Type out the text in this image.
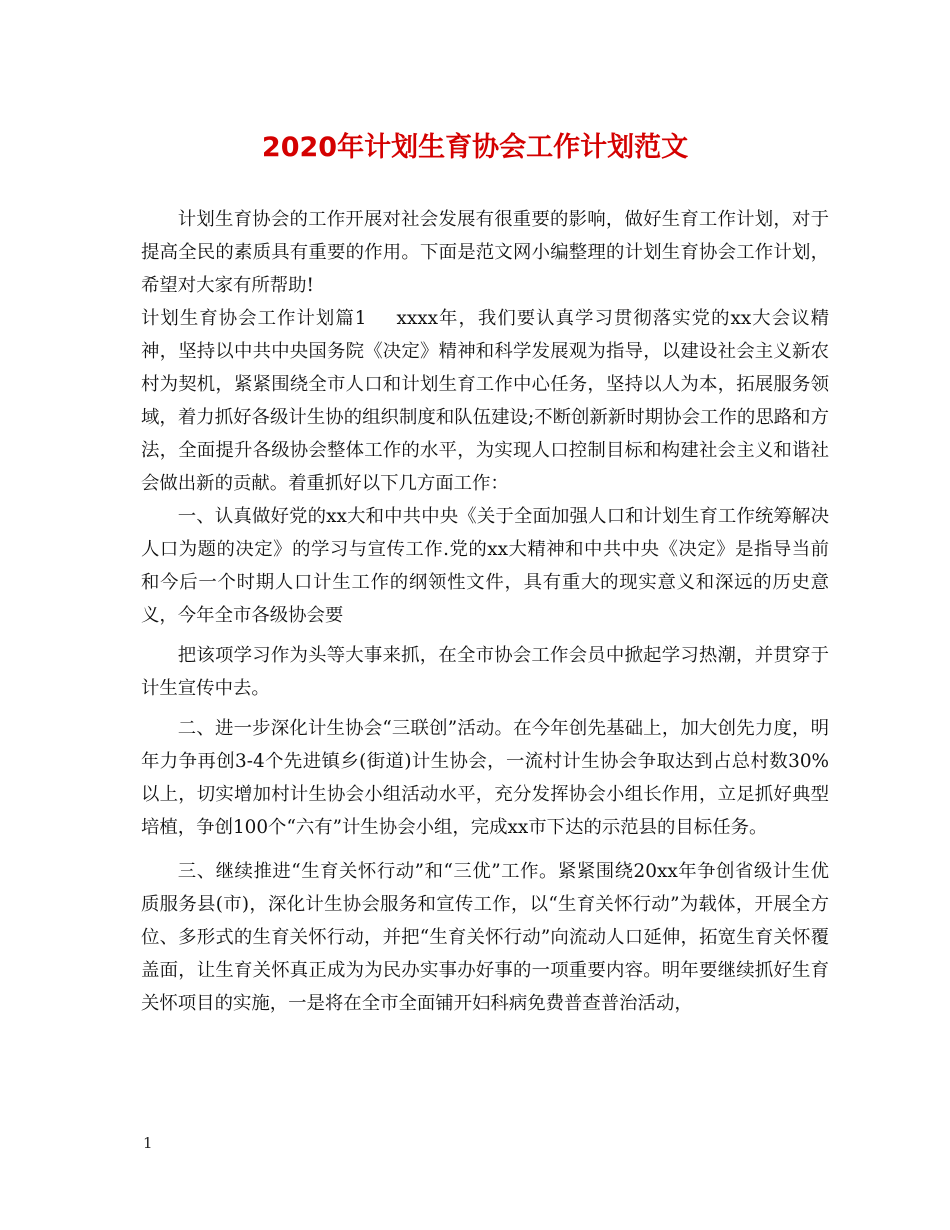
2020年计划生育协会工作计划范文

计划生育协会的工作开展对社会发展有很重要的影响，做好生育工作计划，对于提高全民的素质具有重要的作用。下面是范文网小编整理的计划生育协会工作计划，希望对大家有所帮助!

计划生育协会工作计划篇1 xxxx年，我们要认真学习贯彻落实党的xx大会议精神，坚持以中共中央国务院《决定》精神和科学发展观为指导，以建设社会主义新农村为契机，紧紧围绕全市人口和计划生育工作中心任务，坚持以人为本，拓展服务领域，着力抓好各级计生协的组织制度和队伍建设;不断创新新时期协会工作的思路和方法，全面提升各级协会整体工作的水平，为实现人口控制目标和构建社会主义和谐社会做出新的贡献。着重抓好以下几方面工作：

一、认真做好党的xx大和中共中央《关于全面加强人口和计划生育工作统筹解决人口为题的决定》的学习与宣传工作.党的xx大精神和中共中央《决定》是指导当前和今后一个时期人口计生工作的纲领性文件，具有重大的现实意义和深远的历史意义，今年全市各级协会要

把该项学习作为头等大事来抓，在全市协会工作会员中掀起学习热潮，并贯穿于计生宣传中去。

二、进一步深化计生协会“三联创”活动。在今年创先基础上，加大创先力度，明年力争再创3-4个先进镇乡(街道)计生协会，一流村计生协会争取达到占总村数30%以上，切实增加村计生协会小组活动水平，充分发挥协会小组长作用，立足抓好典型培植，争创100个“六有”计生协会小组，完成xx市下达的示范县的目标任务。

三、继续推进“生育关怀行动”和“三优”工作。紧紧围绕20xx年争创省级计生优质服务县(市)，深化计生协会服务和宣传工作，以“生育关怀行动”为载体，开展全方位、多形式的生育关怀行动，并把“生育关怀行动”向流动人口延伸，拓宽生育关怀覆盖面，让生育关怀真正成为为民办实事办好事的一项重要内容。明年要继续抓好生育关怀项目的实施，一是将在全市全面铺开妇科病免费普查普治活动，

1
